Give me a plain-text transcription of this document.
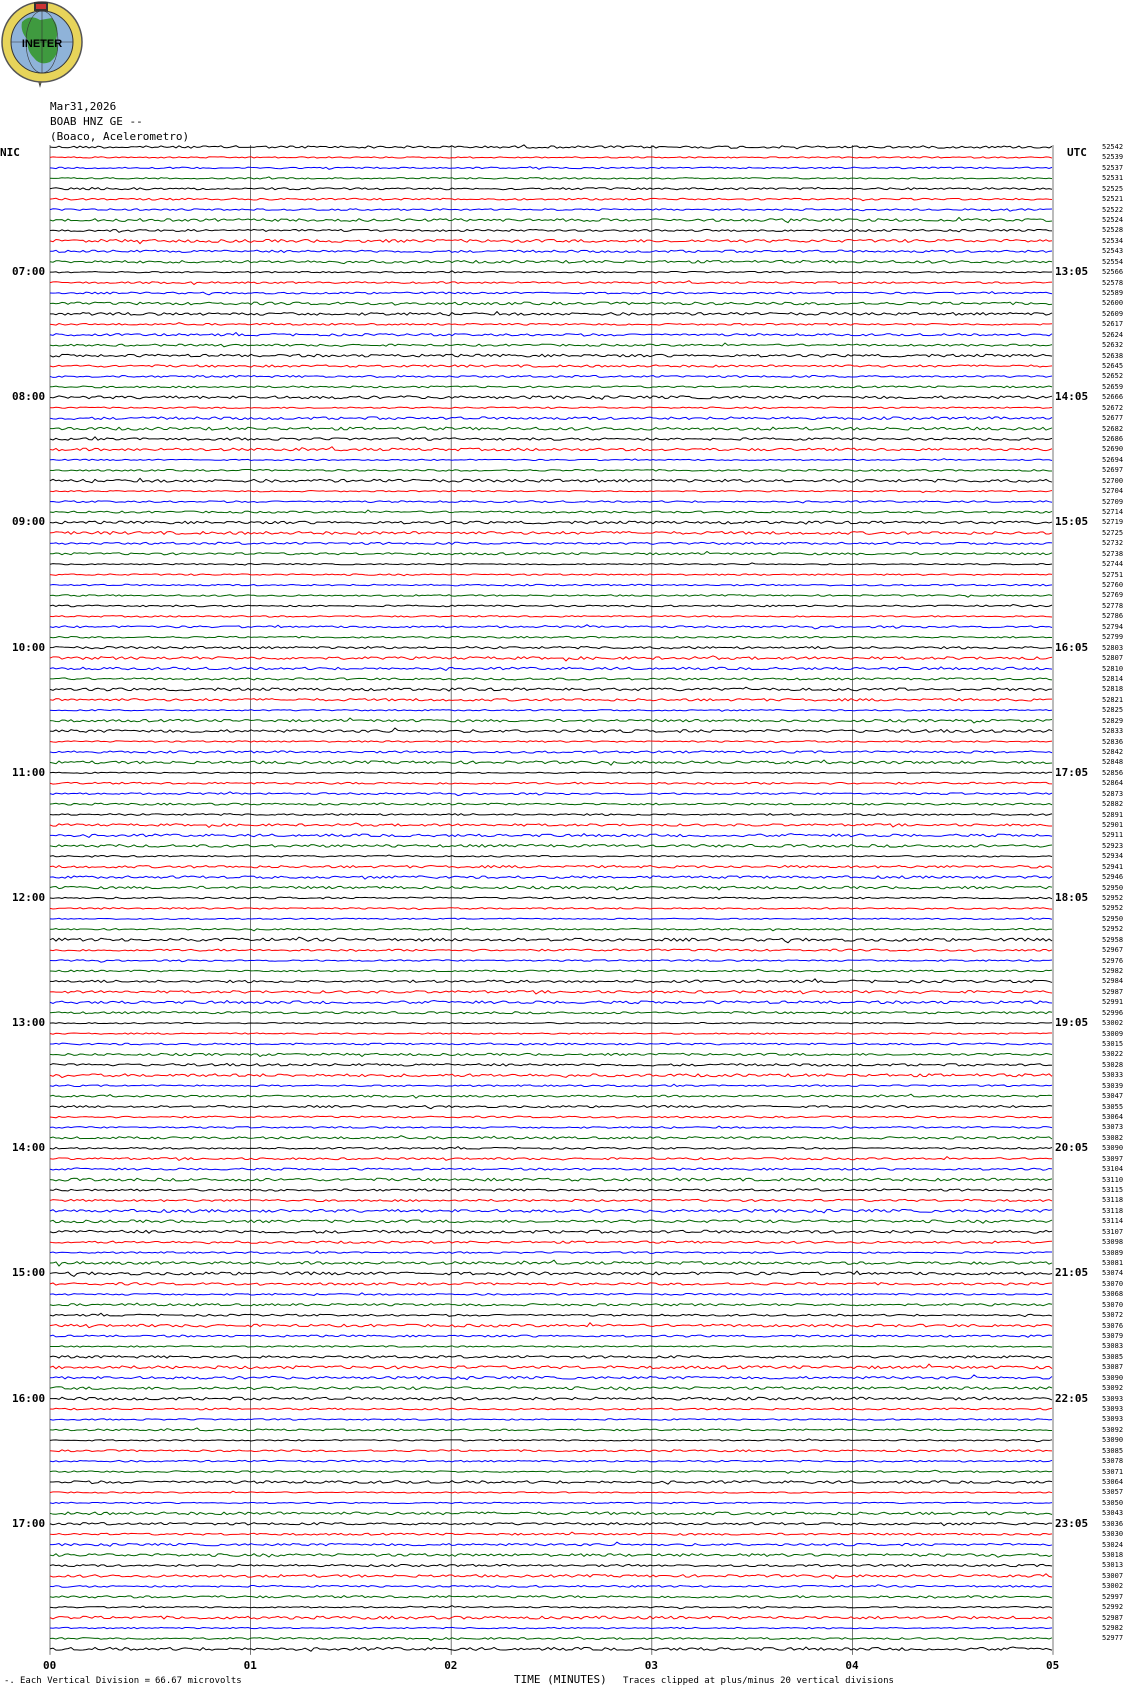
INETER
Mar31,2026
BOAB HNZ GE --
(Boaco, Acelerometro)
NIC	UTC
07:00
08:00
09:00
10:00
11:00
12:00
13:00
14:00
15:00
16:00
17:00
13:05
14:05
15:05
16:05
17:05
18:05
19:05
20:05
21:05
22:05
23:05
52542
52539
52537
52531
52525
52521
52522
52524
52528
52534
52543
52554
52566
52578
52589
52600
52609
52617
52624
52632
52638
52645
52652
52659
52666
52672
52677
52682
52686
52690
52694
52697
52700
52704
52709
52714
52719
52725
52732
52738
52744
52751
52760
52769
52778
52786
52794
52799
52803
52807
52810
52814
52818
52821
52825
52829
52833
52836
52842
52848
52856
52864
52873
52882
52891
52901
52911
52923
52934
52941
52946
52950
52952
52952
52950
52952
52958
52967
52976
52982
52984
52987
52991
52996
53002
53009
53015
53022
53028
53033
53039
53047
53055
53064
53073
53082
53090
53097
53104
53110
53115
53118
53118
53114
53107
53098
53089
53081
53074
53070
53068
53070
53072
53076
53079
53083
53085
53087
53090
53092
53093
53093
53093
53092
53090
53085
53078
53071
53064
53057
53050
53043
53036
53030
53024
53018
53013
53007
53002
52997
52992
52987
52982
52977
00	01	02	03	04	05
-. Each Vertical Division = 66.67 microvolts	TIME (MINUTES) Traces clipped at plus/minus 20 vertical divisions
